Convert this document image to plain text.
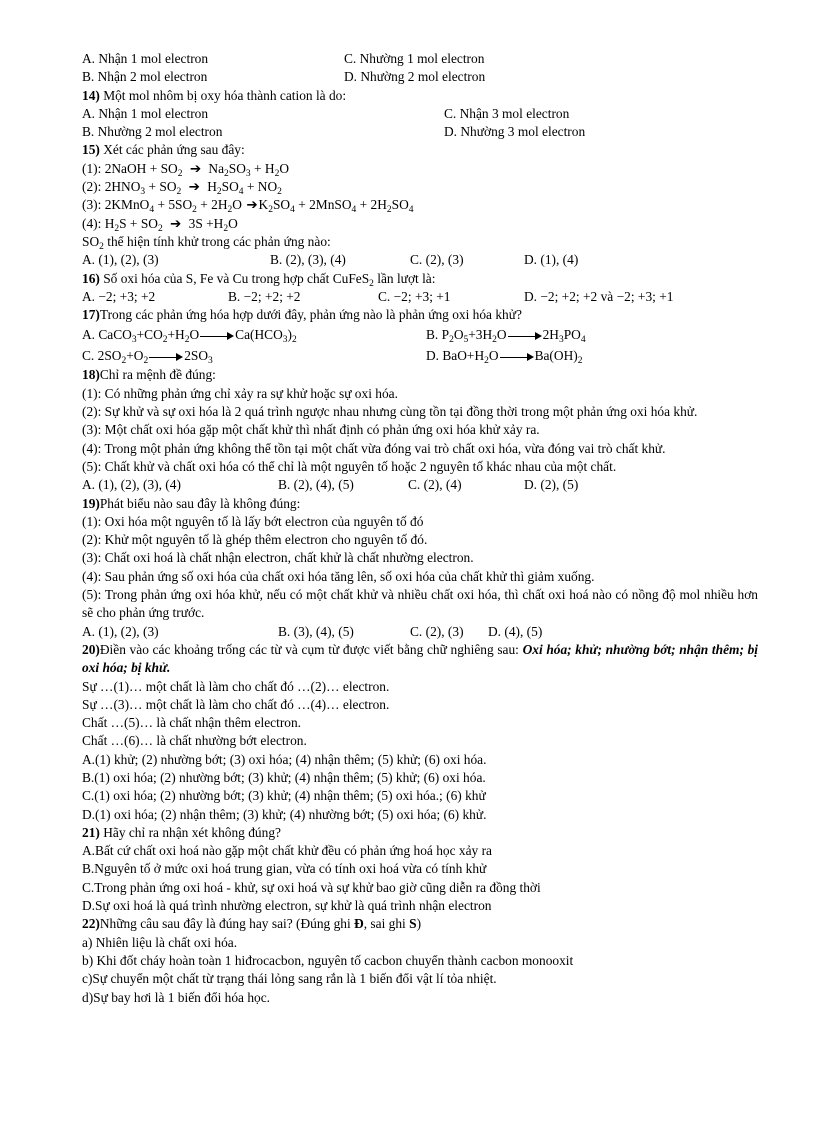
A. Nhận 1 mol electron	C. Nhường 1 mol electron
B. Nhận 2 mol electron	D. Nhường 2 mol electron
14) Một mol nhôm bị oxy hóa thành cation là do:
A. Nhận 1 mol electron	C. Nhận 3 mol electron
B. Nhường 2 mol electron	D. Nhường 3 mol electron
15) Xét các phản ứng sau đây:
(1): 2NaOH + $SO_2$ ➔ $Na_2SO_3 + H_2O$
(2): $2HNO_3 + SO_2$ ➔ $H_2SO_4 + NO_2$
(3): 2KMnO$_4$ + $5SO_2 + 2H_2O$ $➔K_2SO_4$ + 2MnSO$_4$ + $2H_2SO_4$
(4): $H_2S + SO_2$ ➔ $3S +H_2O$
$SO_2$ thể hiện tính khử trong các phản ứng nào:
A. (1), (2), (3)	B. (2), (3), (4)	C. (2), (3)	D. (1), (4)
16) Số oxi hóa của S, Fe và Cu trong hợp chất CuFeS$_2$ lần lượt là:
A. −2; +3; +2	B. −2; +2; +2	C. −2; +3; +1	D. −2; +2; +2 và −2; +3; +1
17)Trong các phản ứng hóa hợp dưới đây, phản ứng nào là phản ứng oxi hóa khử?
A. $CaCO_3+CO_2+H_2O$	$Ca(HCO_3)_2$	B. $P_2O_5+3H_2O$	$2H_3PO_4$
C. $2SO_2+O_2$	$2SO_3$	D. $BaO+H_2O$	$Ba(OH)_2$
18)Chỉ ra mệnh đề đúng:
(1): Có những phản ứng chỉ xảy ra sự khử hoặc sự oxi hóa.
(2): Sự khử và sự oxi hóa là 2 quá trình ngược nhau nhưng cùng tồn tại đồng thời trong một phản ứng oxi hóa khử.
(3): Một chất oxi hóa gặp một chất khử thì nhất định có phản ứng oxi hóa khử xảy ra.
(4): Trong một phản ứng không thể tồn tại một chất vừa đóng vai trò chất oxi hóa, vừa đóng vai trò chất khử.
(5): Chất khử và chất oxi hóa có thể chỉ là một nguyên tố hoặc 2 nguyên tố khác nhau của một chất.
A. (1), (2), (3), (4)	B. (2), (4), (5)	C. (2), (4)	D. (2), (5)
19)Phát biểu nào sau đây là không đúng:
(1): Oxi hóa một nguyên tố là lấy bớt electron của nguyên tố đó
(2): Khử một nguyên tố là ghép thêm electron cho nguyên tố đó.
(3): Chất oxi hoá là chất nhận electron, chất khử là chất nhường electron.
(4): Sau phản ứng số oxi hóa của chất oxi hóa tăng lên, số oxi hóa của chất khử thì giảm xuống.
(5): Trong phản ứng oxi hóa khử, nếu có một chất khử và nhiều chất oxi hóa, thì chất oxi hoá nào có nồng độ mol nhiều hơn sẽ cho phản ứng trước.
A. (1), (2), (3)	B. (3), (4), (5)	C. (2), (3) D. (4), (5)
20)Điền vào các khoảng trống các từ và cụm từ được viết bằng chữ nghiêng sau: Oxi hóa; khử; nhường bớt; nhận thêm; bị oxi hóa; bị khử.
Sự …(1)… một chất là làm cho chất đó …(2)… electron.
Sự …(3)… một chất là làm cho chất đó …(4)… electron.
Chất …(5)… là chất nhận thêm electron.
Chất …(6)… là chất nhường bớt electron.
A.(1) khử; (2) nhường bớt; (3) oxi hóa; (4) nhận thêm; (5) khử; (6) oxi hóa.
B.(1) oxi hóa; (2) nhường bớt; (3) khử; (4) nhận thêm; (5) khử; (6) oxi hóa.
C.(1) oxi hóa; (2) nhường bớt; (3) khử; (4) nhận thêm; (5) oxi hóa.; (6) khử
D.(1) oxi hóa; (2) nhận thêm; (3) khử; (4) nhường bớt; (5) oxi hóa; (6) khử.
21) Hãy chỉ ra nhận xét không đúng?
A.Bất cứ chất oxi hoá nào gặp một chất khử đều có phản ứng hoá học xảy ra
B.Nguyên tố ở mức oxi hoá trung gian, vừa có tính oxi hoá vừa có tính khử
C.Trong phản ứng oxi hoá - khử, sự oxi hoá và sự khử bao giờ cũng diễn ra đồng thời
D.Sự oxi hoá là quá trình nhường electron, sự khử là quá trình nhận electron
22)Những câu sau đây là đúng hay sai? (Đúng ghi Đ, sai ghi S)
a) Nhiên liệu là chất oxi hóa.
b) Khi đốt cháy hoàn toàn 1 hiđrocacbon, nguyên tố cacbon chuyển thành cacbon monooxit
c)Sự chuyển một chất từ trạng thái lỏng sang rắn là 1 biến đổi vật lí tỏa nhiệt.
d)Sự bay hơi là 1 biến đổi hóa học.
